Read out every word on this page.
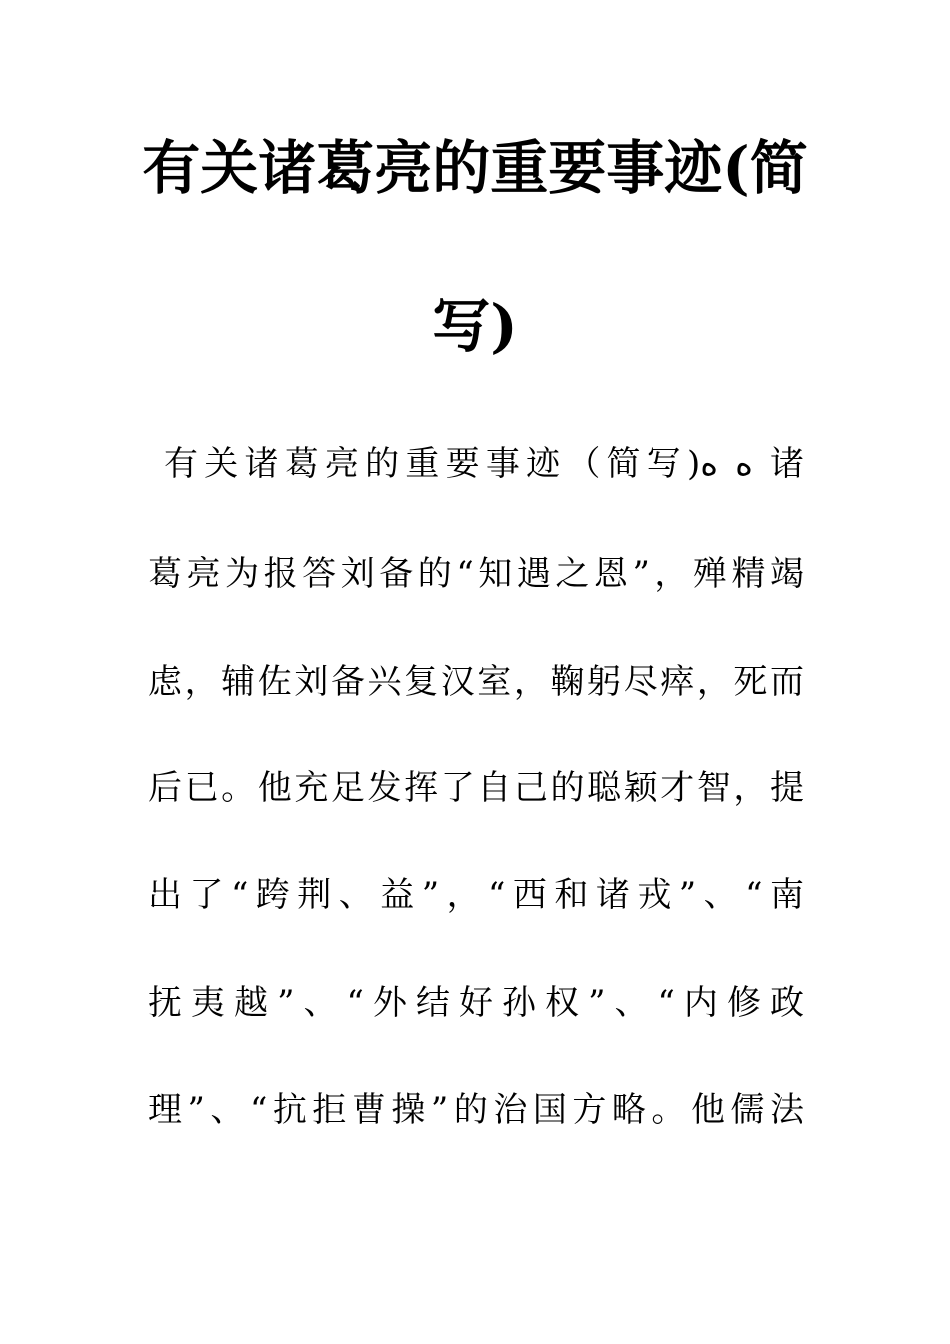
有关诸葛亮的重要事迹(简
写)
有关诸葛亮的重要事迹（简写)ﻩ ﻩ 诸
葛亮为报答刘备的“知遇之恩”，殚精竭
虑，辅佐刘备兴复汉室，鞠躬尽瘁，死而
后已。他充足发挥了自己的聪颖才智，提
出了“跨荆、益”，“西和诸戎”、“南
抚夷越”、“外结好孙权”、“内修政
理”、“抗拒曹操”的治国方略。他儒法
